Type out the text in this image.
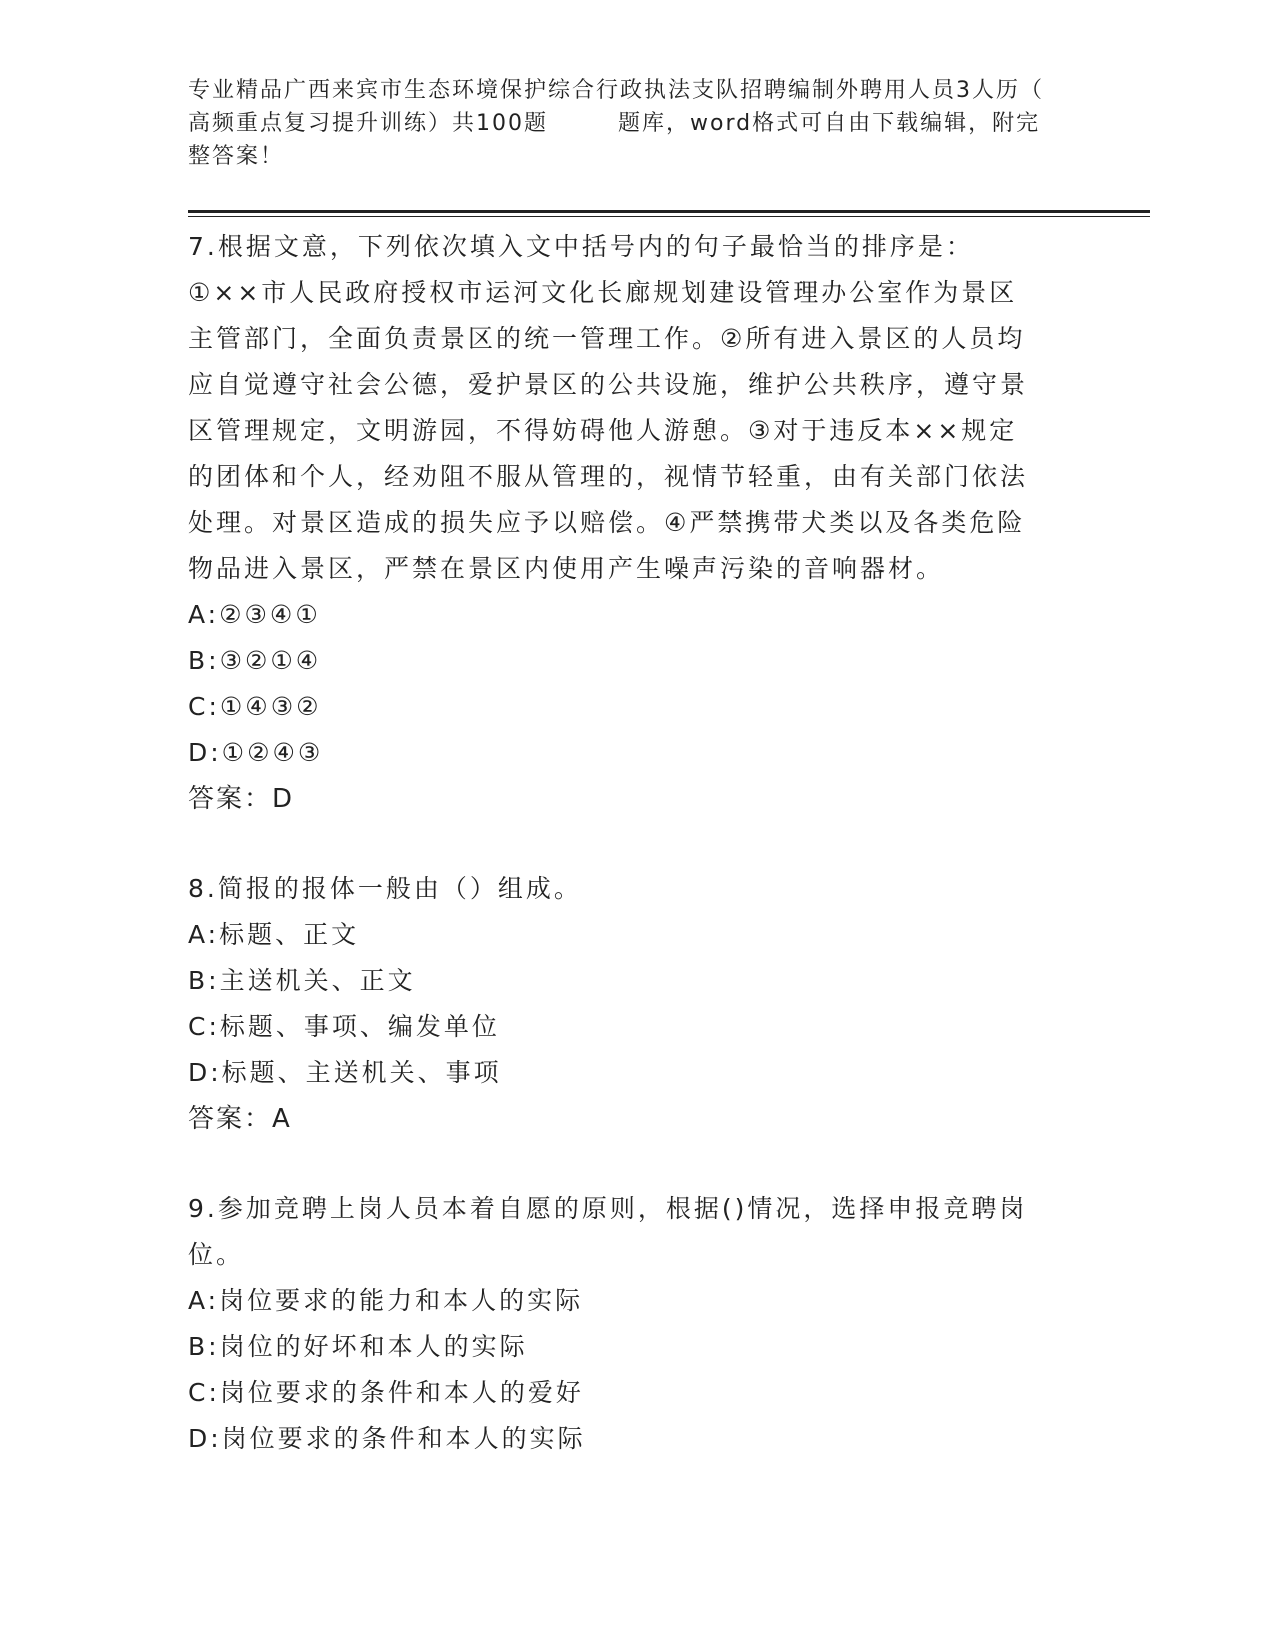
专业精品广西来宾市生态环境保护综合行政执法支队招聘编制外聘用人员3人历（
高频重点复习提升训练）共100题	题库，word格式可自由下载编辑，附完
整答案！
7.根据文意，下列依次填入文中括号内的句子最恰当的排序是：
①××市人民政府授权市运河文化长廊规划建设管理办公室作为景区
主管部门，全面负责景区的统一管理工作。②所有进入景区的人员均
应自觉遵守社会公德，爱护景区的公共设施，维护公共秩序，遵守景
区管理规定，文明游园，不得妨碍他人游憩。③对于违反本××规定
的团体和个人，经劝阻不服从管理的，视情节轻重，由有关部门依法
处理。对景区造成的损失应予以赔偿。④严禁携带犬类以及各类危险
物品进入景区，严禁在景区内使用产生噪声污染的音响器材。
A:②③④①
B:③②①④
C:①④③②
D:①②④③
答案：D
8.简报的报体一般由（）组成。
A:标题、正文
B:主送机关、正文
C:标题、事项、编发单位
D:标题、主送机关、事项
答案：A
9.参加竞聘上岗人员本着自愿的原则，根据()情况，选择申报竞聘岗
位。
A:岗位要求的能力和本人的实际
B:岗位的好坏和本人的实际
C:岗位要求的条件和本人的爱好
D:岗位要求的条件和本人的实际
